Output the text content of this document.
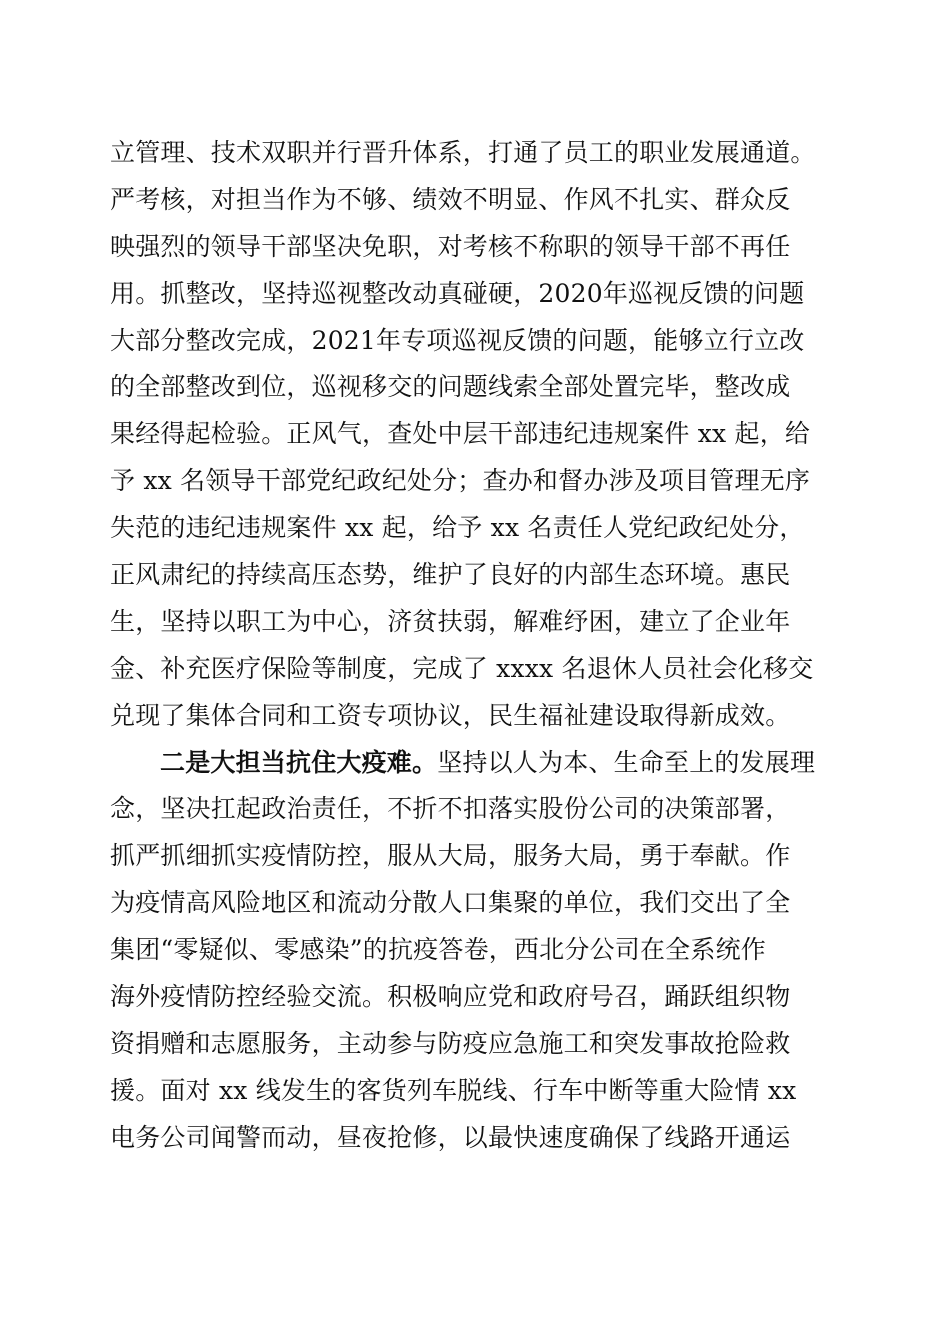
立管理、技术双职并行晋升体系，打通了员工的职业发展通道。
严考核，对担当作为不够、绩效不明显、作风不扎实、群众反
映强烈的领导干部坚决免职，对考核不称职的领导干部不再任
用。抓整改，坚持巡视整改动真碰硬，2020年巡视反馈的问题
大部分整改完成，2021年专项巡视反馈的问题，能够立行立改
的全部整改到位，巡视移交的问题线索全部处置完毕，整改成
果经得起检验。正风气，查处中层干部违纪违规案件 xx 起，给
予 xx 名领导干部党纪政纪处分；查办和督办涉及项目管理无序
失范的违纪违规案件 xx 起，给予 xx 名责任人党纪政纪处分，
正风肃纪的持续高压态势，维护了良好的内部生态环境。惠民
生，坚持以职工为中心，济贫扶弱，解难纾困，建立了企业年
金、补充医疗保险等制度，完成了 xxxx 名退休人员社会化移交
兑现了集体合同和工资专项协议，民生福祉建设取得新成效。
二是大担当抗住大疫难。坚持以人为本、生命至上的发展理
念，坚决扛起政治责任，不折不扣落实股份公司的决策部署，
抓严抓细抓实疫情防控，服从大局，服务大局，勇于奉献。作
为疫情高风险地区和流动分散人口集聚的单位，我们交出了全
集团“零疑似、零感染”的抗疫答卷，西北分公司在全系统作
海外疫情防控经验交流。积极响应党和政府号召，踊跃组织物
资捐赠和志愿服务，主动参与防疫应急施工和突发事故抢险救
援。面对 xx 线发生的客货列车脱线、行车中断等重大险情 xx
电务公司闻警而动，昼夜抢修，以最快速度确保了线路开通运
